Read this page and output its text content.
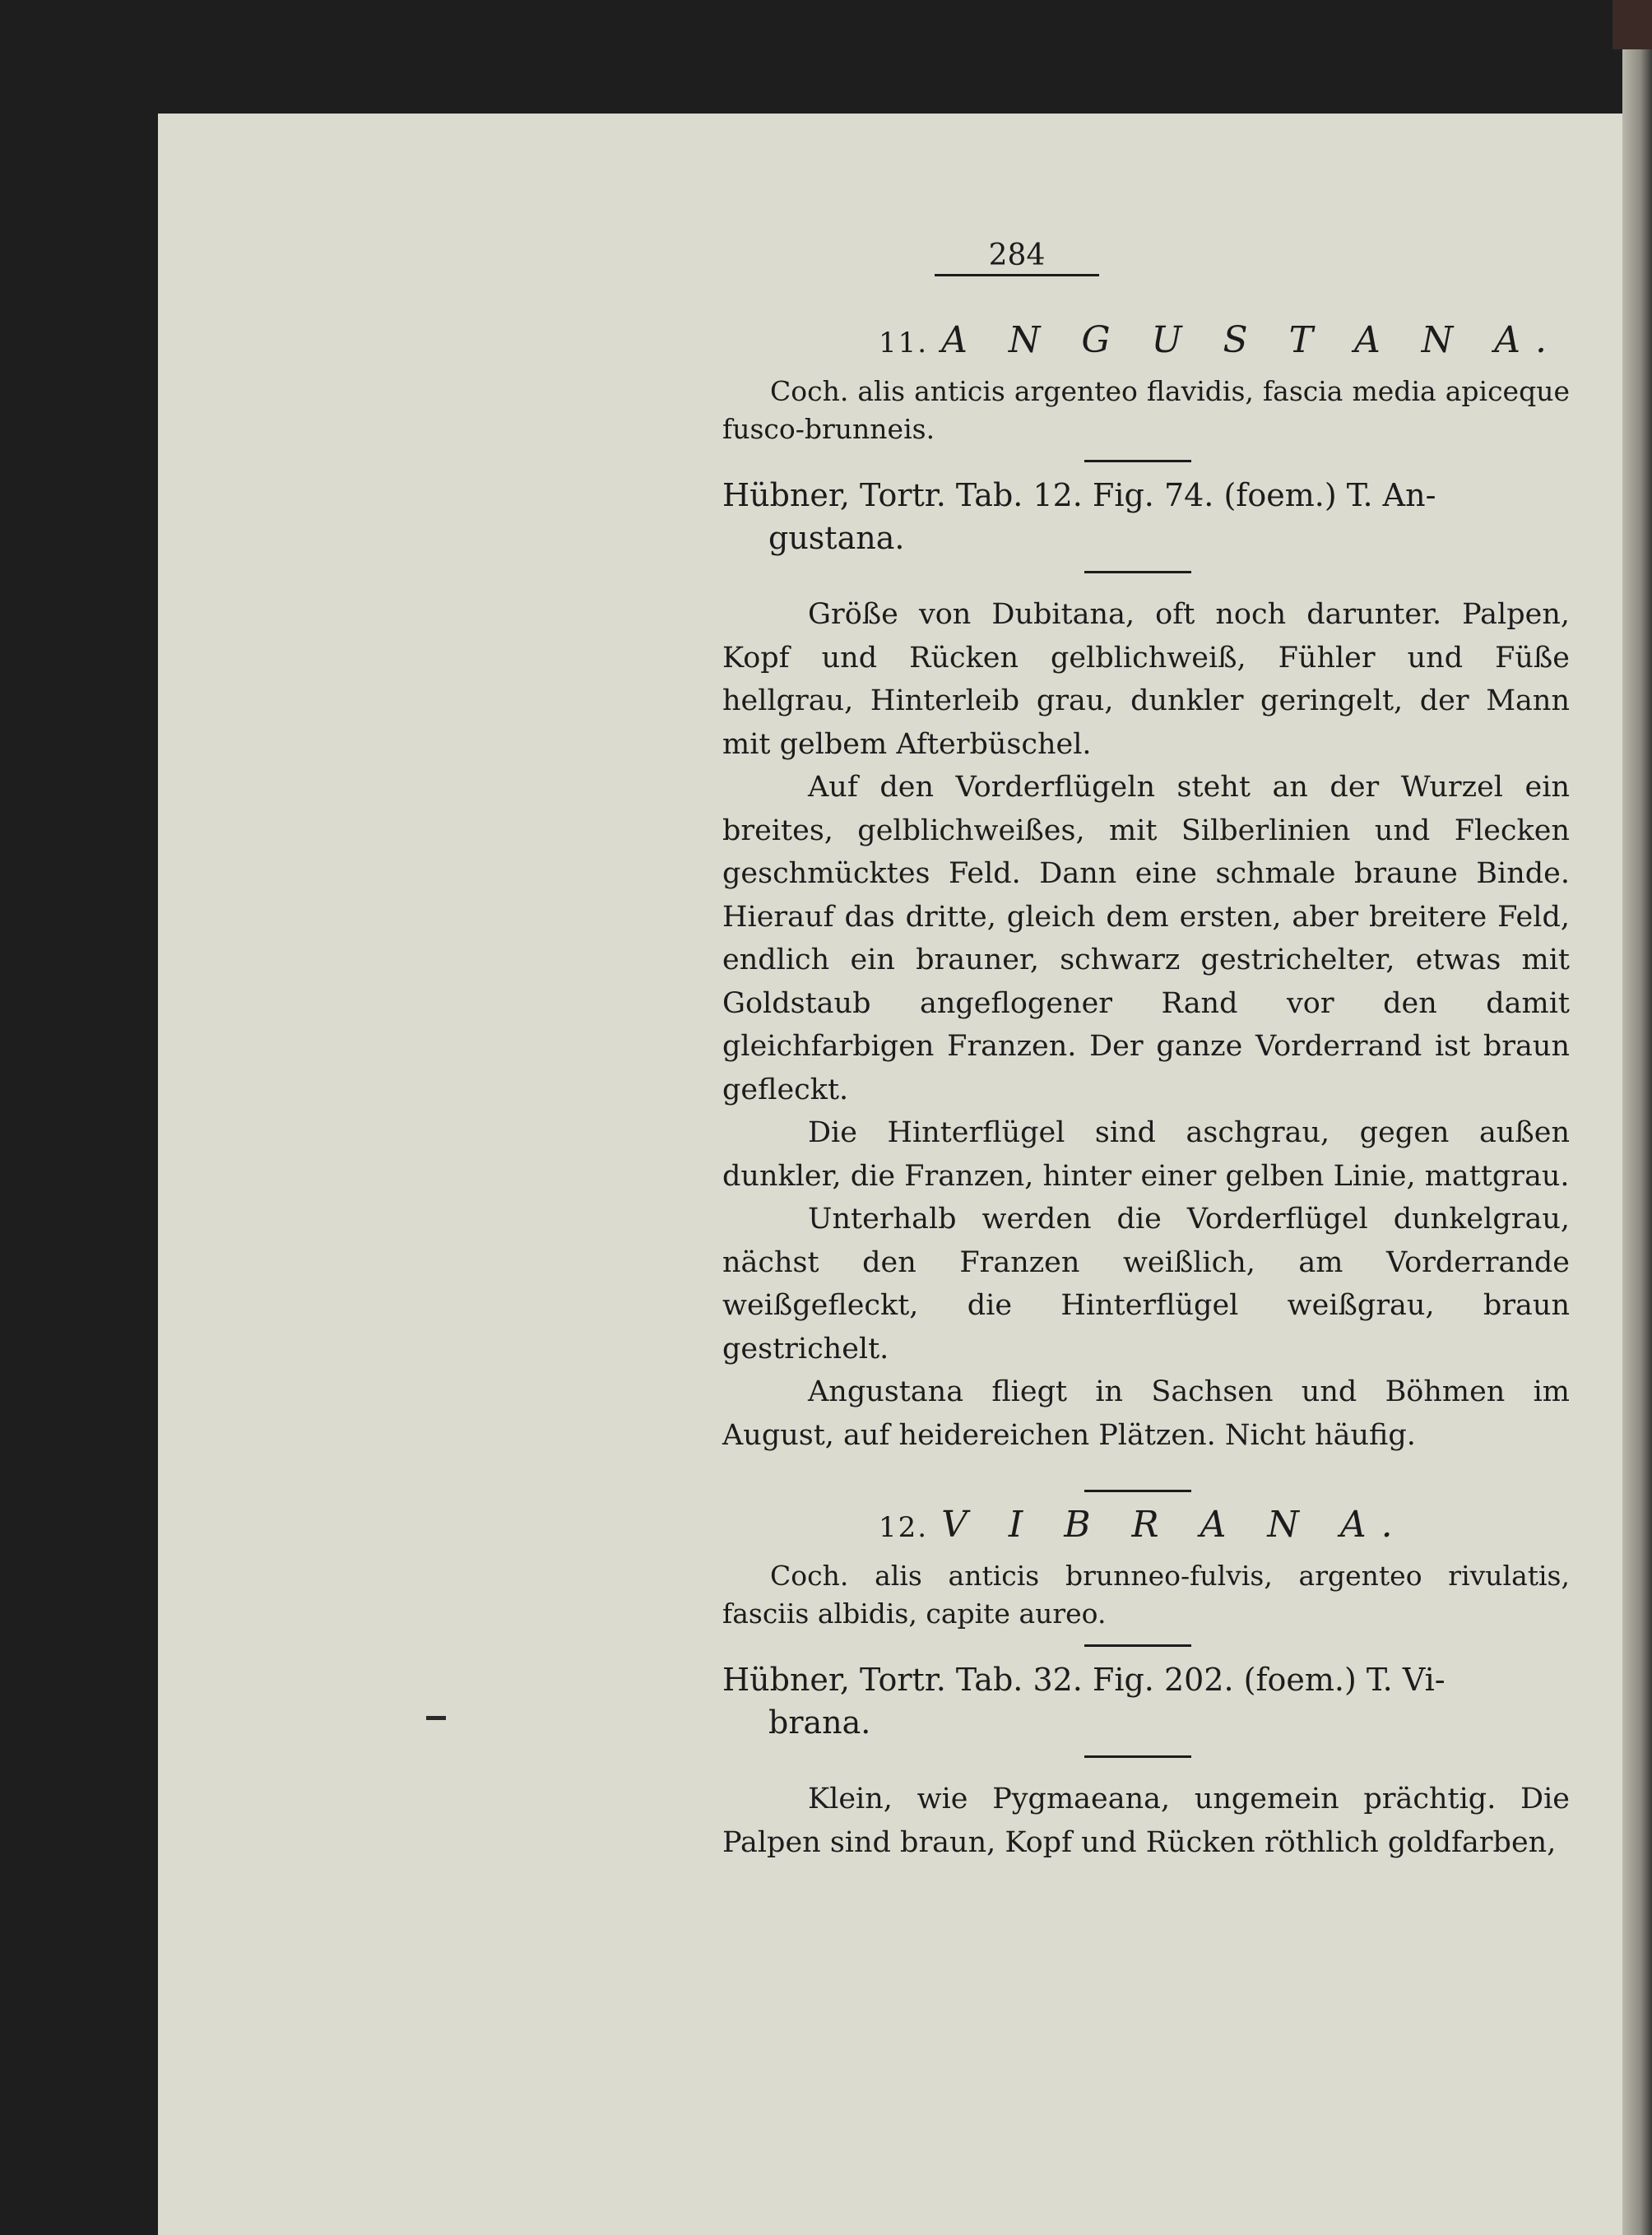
284
11. A N G U S T A N A.
Coch. alis anticis argenteo flavidis, fascia media apiceque fusco-brunneis.
Hübner, Tortr. Tab. 12. Fig. 74. (foem.) T. An-
gustana.

Größe von Dubitana, oft noch darunter. Palpen, Kopf und Rücken gelblichweiß, Fühler und Füße hellgrau, Hinterleib grau, dunkler geringelt, der Mann mit gelbem Afterbüschel.

Auf den Vorderflügeln steht an der Wurzel ein breites, gelblichweißes, mit Silberlinien und Flecken geschmücktes Feld. Dann eine schmale braune Binde. Hierauf das dritte, gleich dem ersten, aber breitere Feld, endlich ein brauner, schwarz gestrichelter, etwas mit Goldstaub angeflogener Rand vor den damit gleichfarbigen Franzen. Der ganze Vorderrand ist braun gefleckt.

Die Hinterflügel sind aschgrau, gegen außen dunkler, die Franzen, hinter einer gelben Linie, mattgrau.

Unterhalb werden die Vorderflügel dunkelgrau, nächst den Franzen weißlich, am Vorderrande weißgefleckt, die Hinterflügel weißgrau, braun gestrichelt.

Angustana fliegt in Sachsen und Böhmen im August, auf heidereichen Plätzen. Nicht häufig.

12. V I B R A N A.
Coch. alis anticis brunneo-fulvis, argenteo rivulatis, fasciis albidis, capite aureo.
Hübner, Tortr. Tab. 32. Fig. 202. (foem.) T. Vi-
brana.

Klein, wie Pygmaeana, ungemein prächtig. Die Palpen sind braun, Kopf und Rücken röthlich goldfarben,
